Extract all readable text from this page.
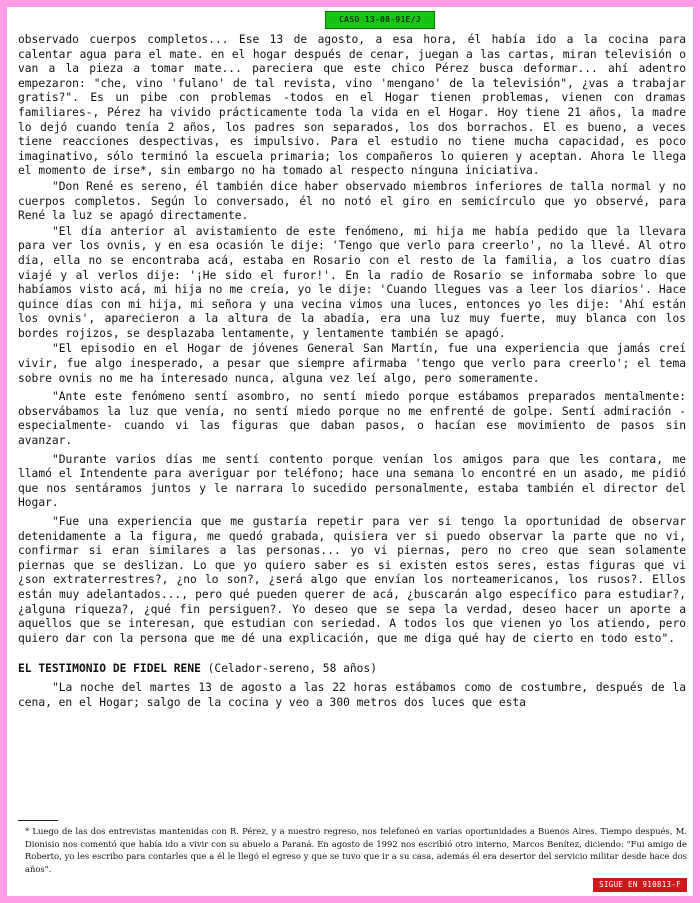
CASO 13-08-91E/J

observado cuerpos completos... Ese 13 de agosto, a esa hora, él había ido a la cocina para calentar agua para el mate. en el hogar después de cenar, juegan a las cartas, miran televisión o van a la pieza a tomar mate... pareciera que este chico Pérez busca deformar... ahí adentro empezaron: "che, vino 'fulano' de tal revista, vino 'mengano' de la televisión", ¿vas a trabajar gratis?". Es un pibe con problemas -todos en el Hogar tienen problemas, vienen con dramas familiares-, Pérez ha vivido prácticamente toda la vida en el Hogar. Hoy tiene 21 años, la madre lo dejó cuando tenía 2 años, los padres son separados, los dos borrachos. El es bueno, a veces tiene reacciones despectivas, es impulsivo. Para el estudio no tiene mucha capacidad, es poco imaginativo, sólo terminó la escuela primaria; los compañeros lo quieren y aceptan. Ahora le llega el momento de irse*, sin embargo no ha tomado al respecto ninguna iniciativa.

"Don René es sereno, él también dice haber observado miembros inferiores de talla normal y no cuerpos completos. Según lo conversado, él no notó el giro en semicírculo que yo observé, para René la luz se apagó directamente.

"El día anterior al avistamiento de este fenómeno, mi hija me había pedido que la llevara para ver los ovnis, y en esa ocasión le dije: 'Tengo que verlo para creerlo', no la llevé. Al otro día, ella no se encontraba acá, estaba en Rosario con el resto de la familia, a los cuatro días viajé y al verlos dije: '¡He sido el furor!'. En la radio de Rosario se informaba sobre lo que habíamos visto acá, mi hija no me creía, yo le dije: 'Cuando llegues vas a leer los diarios'. Hace quince días con mi hija, mi señora y una vecina vimos una luces, entonces yo les dije: 'Ahí están los ovnis', aparecieron a la altura de la abadía, era una luz muy fuerte, muy blanca con los bordes rojizos, se desplazaba lentamente, y lentamente también se apagó.

"El episodio en el Hogar de jóvenes General San Martín, fue una experiencia que jamás creí vivir, fue algo inesperado, a pesar que siempre afirmaba 'tengo que verlo para creerlo'; el tema sobre ovnis no me ha interesado nunca, alguna vez leí algo, pero someramente.

"Ante este fenómeno sentí asombro, no sentí miedo porque estábamos preparados mentalmente: observábamos la luz que venía, no sentí miedo porque no me enfrenté de golpe. Sentí admiración -especialmente- cuando vi las figuras que daban pasos, o hacían ese movimiento de pasos sin avanzar.

"Durante varios días me sentí contento porque venían los amigos para que les contara, me llamó el Intendente para averiguar por teléfono; hace una semana lo encontré en un asado, me pidió que nos sentáramos juntos y le narrara lo sucedido personalmente, estaba también el director del Hogar.

"Fue una experiencia que me gustaría repetir para ver si tengo la oportunidad de observar detenidamente a la figura, me quedó grabada, quisiera ver si puedo observar la parte que no vi, confirmar si eran similares a las personas... yo vi piernas, pero no creo que sean solamente piernas que se deslizan. Lo que yo quiero saber es si existen estos seres, estas figuras que vi ¿son extraterrestres?, ¿no lo son?, ¿será algo que envían los norteamericanos, los rusos?. Ellos están muy adelantados..., pero qué pueden querer de acá, ¿buscarán algo específico para estudiar?, ¿alguna riqueza?, ¿qué fin persiguen?. Yo deseo que se sepa la verdad, deseo hacer un aporte a aquellos que se interesan, que estudian con seriedad. A todos los que vienen yo los atiendo, pero quiero dar con la persona que me dé una explicación, que me diga qué hay de cierto en todo esto".

EL TESTIMONIO DE FIDEL RENE (Celador-sereno, 58 años)

"La noche del martes 13 de agosto a las 22 horas estábamos como de costumbre, después de la cena, en el Hogar; salgo de la cocina y veo a 300 metros dos luces que esta

* Luego de las dos entrevistas mantenidas con R. Pérez, y a nuestro regreso, nos telefoneó en varias oportunidades a Buenos Aires. Tiempo después, M. Dionisio nos comentó que había ido a vivir con su abuelo a Paraná. En agosto de 1992 nos escribió otro interno, Marcos Benítez, diciendo: "Fui amigo de Roberto, yo les escribo para contarles que a él le llegó el egreso y que se tuvo que ir a su casa, además él era desertor del servicio militar desde hace dos años".

SIGUE EN 910813-F
